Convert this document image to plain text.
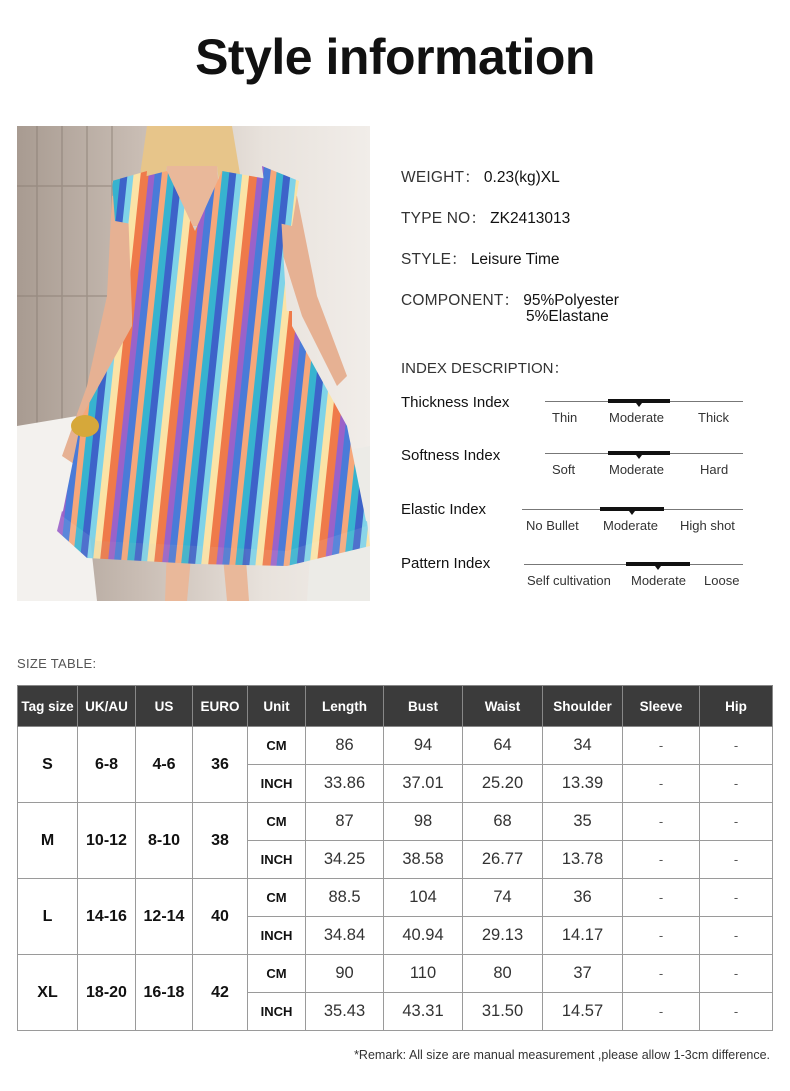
Style information
WEIGHT： 0.23(kg)XL
TYPE NO： ZK2413013
STYLE： Leisure Time
COMPONENT： 95%Polyester
5%Elastane
INDEX DESCRIPTION：
Thickness Index
Thin Moderate	Thick
Softness Index
Soft	Moderate	Hard
Elastic Index
No Bullet Moderate High shot
Pattern Index
Self cultivation Moderate Loose
SIZE TABLE:
Tag size	UK/AU	US	EURO	Unit	Length	Bust	Waist	Shoulder	Sleeve	Hip
S	6-8	4-6	36	CM	86	94	64	34	-	-
				INCH	33.86	37.01	25.20	13.39	-	-
M	10-12	8-10	38	CM	87	98	68	35	-	-
				INCH	34.25	38.58	26.77	13.78	-	-
L	14-16	12-14	40	CM	88.5	104	74	36	-	-
				INCH	34.84	40.94	29.13	14.17	-	-
XL	18-20	16-18	42	CM	90	110	80	37	-	-
				INCH	35.43	43.31	31.50	14.57	-	-
*Remark: All size are manual measurement ,please allow 1-3cm difference.
